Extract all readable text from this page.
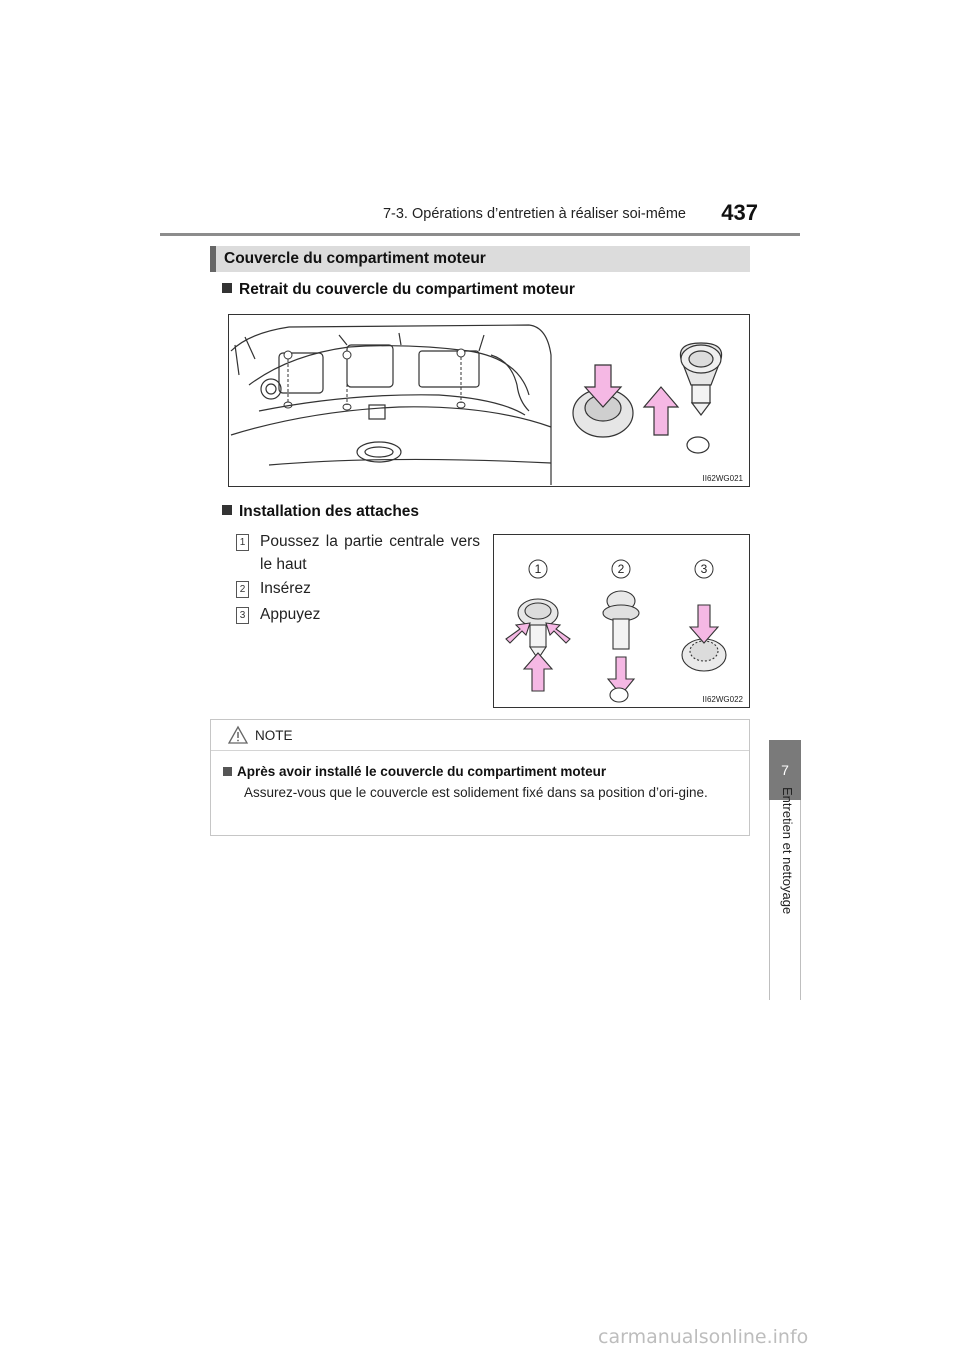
7-3. Opérations d’entretien à réaliser soi-même	437
7
Entretien et nettoyage
Couvercle du compartiment moteur
Retrait du couvercle du compartiment moteur
II62WG021
Installation des attaches
1 Poussez la partie centrale vers le haut
2 Insérez
3 Appuyez
1	2	3
II62WG022
NOTE
Après avoir installé le couvercle du compartiment moteur
Assurez-vous que le couvercle est solidement fixé dans sa position d’ori-gine.
carmanualsonline.info
